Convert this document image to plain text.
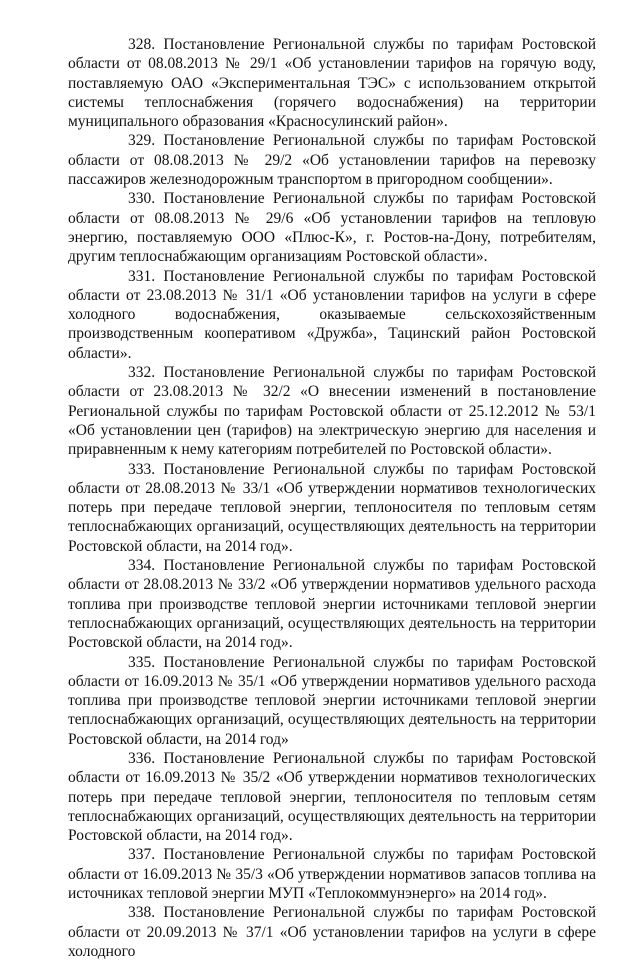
328. Постановление Региональной службы по тарифам Ростовской области от 08.08.2013 № 29/1 «Об установлении тарифов на горячую воду, поставляемую ОАО «Экспериментальная ТЭС» с использованием открытой системы теплоснабжения (горячего водоснабжения) на территории муниципального образования «Красносулинский район».

329. Постановление Региональной службы по тарифам Ростовской области от 08.08.2013 № 29/2 «Об установлении тарифов на перевозку пассажиров железнодорожным транспортом в пригородном сообщении».

330. Постановление Региональной службы по тарифам Ростовской области от 08.08.2013 № 29/6 «Об установлении тарифов на тепловую энергию, поставляемую ООО «Плюс-К», г. Ростов-на-Дону, потребителям, другим теплоснабжающим организациям Ростовской области».

331. Постановление Региональной службы по тарифам Ростовской области от 23.08.2013 № 31/1 «Об установлении тарифов на услуги в сфере холодного водоснабжения, оказываемые сельскохозяйственным производственным кооперативом «Дружба», Тацинский район Ростовской области».

332. Постановление Региональной службы по тарифам Ростовской области от 23.08.2013 № 32/2 «О внесении изменений в постановление Региональной службы по тарифам Ростовской области от 25.12.2012 № 53/1 «Об установлении цен (тарифов) на электрическую энергию для населения и приравненным к нему категориям потребителей по Ростовской области».

333. Постановление Региональной службы по тарифам Ростовской области от 28.08.2013 № 33/1 «Об утверждении нормативов технологических потерь при передаче тепловой энергии, теплоносителя по тепловым сетям теплоснабжающих организаций, осуществляющих деятельность на территории Ростовской области, на 2014 год».

334. Постановление Региональной службы по тарифам Ростовской области от 28.08.2013 № 33/2 «Об утверждении нормативов удельного расхода топлива при производстве тепловой энергии источниками тепловой энергии теплоснабжающих организаций, осуществляющих деятельность на территории Ростовской области, на 2014 год».

335. Постановление Региональной службы по тарифам Ростовской области от 16.09.2013 № 35/1 «Об утверждении нормативов удельного расхода топлива при производстве тепловой энергии источниками тепловой энергии теплоснабжающих организаций, осуществляющих деятельность на территории Ростовской области, на 2014 год»

336. Постановление Региональной службы по тарифам Ростовской области от 16.09.2013 № 35/2 «Об утверждении нормативов технологических потерь при передаче тепловой энергии, теплоносителя по тепловым сетям теплоснабжающих организаций, осуществляющих деятельность на территории Ростовской области, на 2014 год».

337. Постановление Региональной службы по тарифам Ростовской области от 16.09.2013 № 35/3 «Об утверждении нормативов запасов топлива на источниках тепловой энергии МУП «Теплокоммунэнерго» на 2014 год».

338. Постановление Региональной службы по тарифам Ростовской области от 20.09.2013 № 37/1 «Об установлении тарифов на услуги в сфере холодного
